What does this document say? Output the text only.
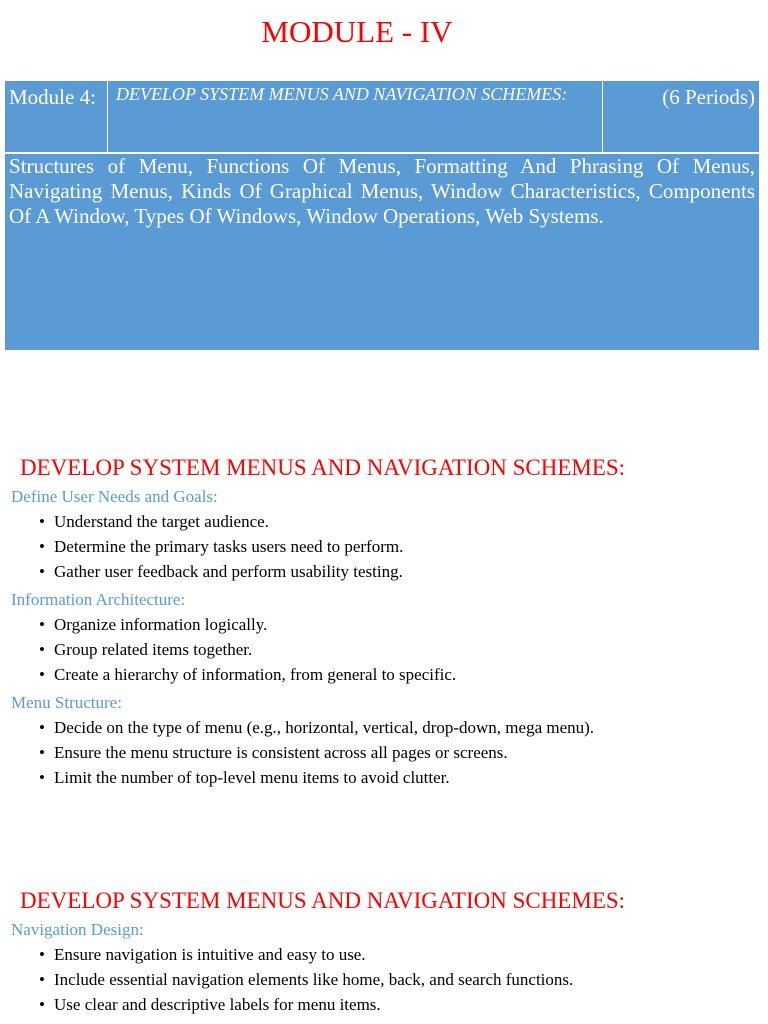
MODULE - IV
Module 4:	DEVELOP SYSTEM MENUS AND NAVIGATION SCHEMES:	(6 Periods)

Structures of Menu, Functions Of Menus, Formatting And Phrasing Of Menus, Navigating Menus, Kinds Of Graphical Menus, Window Characteristics, Components Of A Window, Types Of Windows, Window Operations, Web Systems.

DEVELOP SYSTEM MENUS AND NAVIGATION SCHEMES:
Define User Needs and Goals:
• Understand the target audience.
• Determine the primary tasks users need to perform.
• Gather user feedback and perform usability testing.
Information Architecture:
• Organize information logically.
• Group related items together.
• Create a hierarchy of information, from general to specific.
Menu Structure:
• Decide on the type of menu (e.g., horizontal, vertical, drop-down, mega menu).
• Ensure the menu structure is consistent across all pages or screens.
• Limit the number of top-level menu items to avoid clutter.
DEVELOP SYSTEM MENUS AND NAVIGATION SCHEMES:
Navigation Design:
• Ensure navigation is intuitive and easy to use.
• Include essential navigation elements like home, back, and search functions.
• Use clear and descriptive labels for menu items.
